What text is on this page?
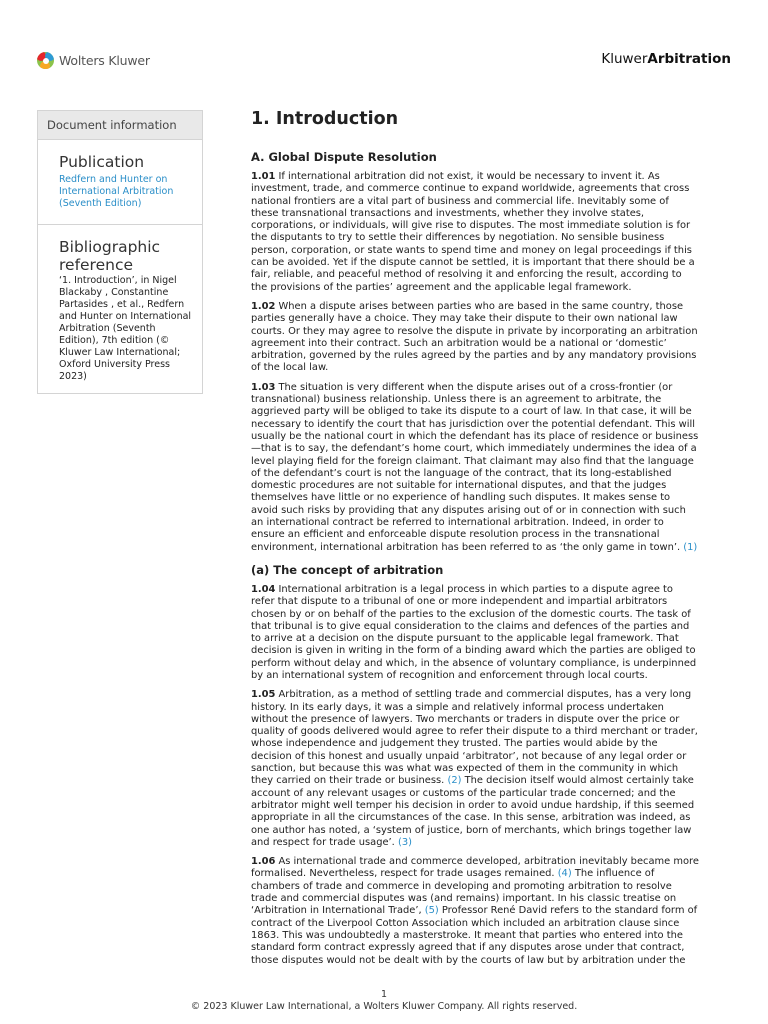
Wolters Kluwer	KluwerArbitration
Document information
Publication
Redfern and Hunter on International Arbitration (Seventh Edition)
Bibliographic reference
‘1. Introduction’, in Nigel Blackaby , Constantine Partasides , et al., Redfern and Hunter on International Arbitration (Seventh Edition), 7th edition (© Kluwer Law International; Oxford University Press 2023)
1. Introduction
A. Global Dispute Resolution

1.01 If international arbitration did not exist, it would be necessary to invent it. As investment, trade, and commerce continue to expand worldwide, agreements that cross national frontiers are a vital part of business and commercial life. Inevitably some of these transnational transactions and investments, whether they involve states, corporations, or individuals, will give rise to disputes. The most immediate solution is for the disputants to try to settle their differences by negotiation. No sensible business person, corporation, or state wants to spend time and money on legal proceedings if this can be avoided. Yet if the dispute cannot be settled, it is important that there should be a fair, reliable, and peaceful method of resolving it and enforcing the result, according to the provisions of the parties’ agreement and the applicable legal framework.

1.02 When a dispute arises between parties who are based in the same country, those parties generally have a choice. They may take their dispute to their own national law courts. Or they may agree to resolve the dispute in private by incorporating an arbitration agreement into their contract. Such an arbitration would be a national or ‘domestic’ arbitration, governed by the rules agreed by the parties and by any mandatory provisions of the local law.

1.03 The situation is very different when the dispute arises out of a cross-frontier (or transnational) business relationship. Unless there is an agreement to arbitrate, the aggrieved party will be obliged to take its dispute to a court of law. In that case, it will be necessary to identify the court that has jurisdiction over the potential defendant. This will usually be the national court in which the defendant has its place of residence or business—that is to say, the defendant’s home court, which immediately undermines the idea of a level playing field for the foreign claimant. That claimant may also find that the language of the defendant’s court is not the language of the contract, that its long-established domestic procedures are not suitable for international disputes, and that the judges themselves have little or no experience of handling such disputes. It makes sense to avoid such risks by providing that any disputes arising out of or in connection with such an international contract be referred to international arbitration. Indeed, in order to ensure an efficient and enforceable dispute resolution process in the transnational environment, international arbitration has been referred to as ‘the only game in town’. (1)

(a) The concept of arbitration

1.04 International arbitration is a legal process in which parties to a dispute agree to refer that dispute to a tribunal of one or more independent and impartial arbitrators chosen by or on behalf of the parties to the exclusion of the domestic courts. The task of that tribunal is to give equal consideration to the claims and defences of the parties and to arrive at a decision on the dispute pursuant to the applicable legal framework. That decision is given in writing in the form of a binding award which the parties are obliged to perform without delay and which, in the absence of voluntary compliance, is underpinned by an international system of recognition and enforcement through local courts.

1.05 Arbitration, as a method of settling trade and commercial disputes, has a very long history. In its early days, it was a simple and relatively informal process undertaken without the presence of lawyers. Two merchants or traders in dispute over the price or quality of goods delivered would agree to refer their dispute to a third merchant or trader, whose independence and judgement they trusted. The parties would abide by the decision of this honest and usually unpaid ‘arbitrator’, not because of any legal order or sanction, but because this was what was expected of them in the community in which they carried on their trade or business. (2) The decision itself would almost certainly take account of any relevant usages or customs of the particular trade concerned; and the arbitrator might well temper his decision in order to avoid undue hardship, if this seemed appropriate in all the circumstances of the case. In this sense, arbitration was indeed, as one author has noted, a ‘system of justice, born of merchants, which brings together law and respect for trade usage’. (3)

1.06 As international trade and commerce developed, arbitration inevitably became more formalised. Nevertheless, respect for trade usages remained. (4) The influence of chambers of trade and commerce in developing and promoting arbitration to resolve trade and commercial disputes was (and remains) important. In his classic treatise on ‘Arbitration in International Trade’, (5) Professor René David refers to the standard form of contract of the Liverpool Cotton Association which included an arbitration clause since 1863. This was undoubtedly a masterstroke. It meant that parties who entered into the standard form contract expressly agreed that if any disputes arose under that contract, those disputes would not be dealt with by the courts of law but by arbitration under the

1
© 2023 Kluwer Law International, a Wolters Kluwer Company. All rights reserved.
